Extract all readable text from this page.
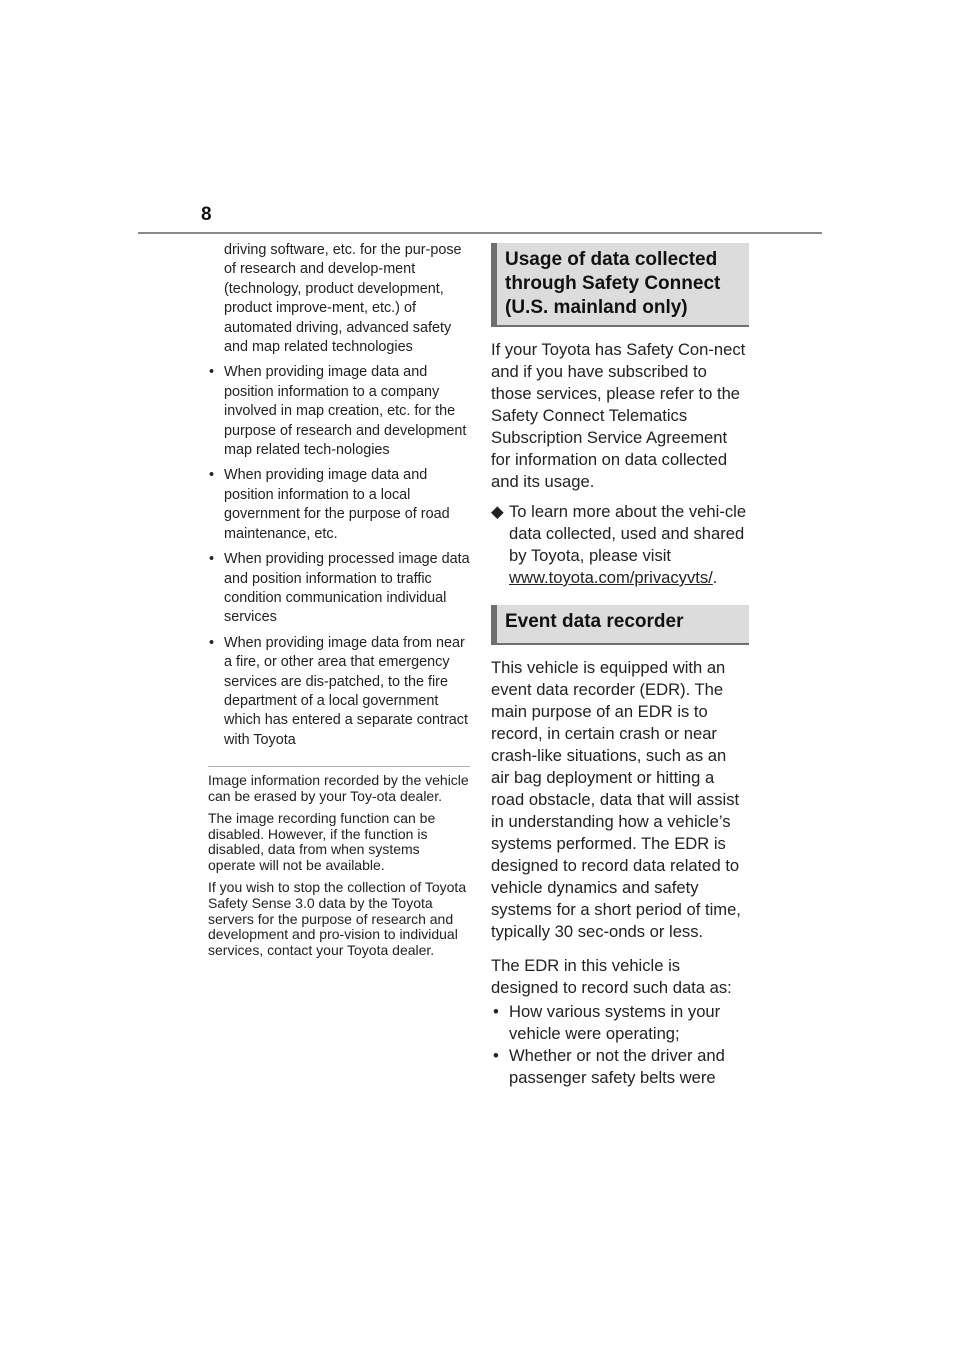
8

driving software, etc. for the pur-pose of research and develop-ment (technology, product development, product improve-ment, etc.) of automated driving, advanced safety and map related technologies

• When providing image data and position information to a company involved in map creation, etc. for the purpose of research and development map related tech-nologies
• When providing image data and position information to a local government for the purpose of road maintenance, etc.
• When providing processed image data and position information to traffic condition communication individual services
• When providing image data from near a fire, or other area that emergency services are dis-patched, to the fire department of a local government which has entered a separate contract with Toyota

Image information recorded by the vehicle can be erased by your Toy-ota dealer.

The image recording function can be disabled. However, if the function is disabled, data from when systems operate will not be available.

If you wish to stop the collection of Toyota Safety Sense 3.0 data by the Toyota servers for the purpose of research and development and pro-vision to individual services, contact your Toyota dealer.

Usage of data collected through Safety Connect (U.S. mainland only)

If your Toyota has Safety Con-nect and if you have subscribed to those services, please refer to the Safety Connect Telematics Subscription Service Agreement for information on data collected and its usage.

◆ To learn more about the vehi-cle data collected, used and shared by Toyota, please visit www.toyota.com/privacyvts/.
Event data recorder

This vehicle is equipped with an event data recorder (EDR). The main purpose of an EDR is to record, in certain crash or near crash-like situations, such as an air bag deployment or hitting a road obstacle, data that will assist in understanding how a vehicle’s systems performed. The EDR is designed to record data related to vehicle dynamics and safety systems for a short period of time, typically 30 sec-onds or less.

The EDR in this vehicle is designed to record such data as:

• How various systems in your vehicle were operating;
• Whether or not the driver and passenger safety belts were
